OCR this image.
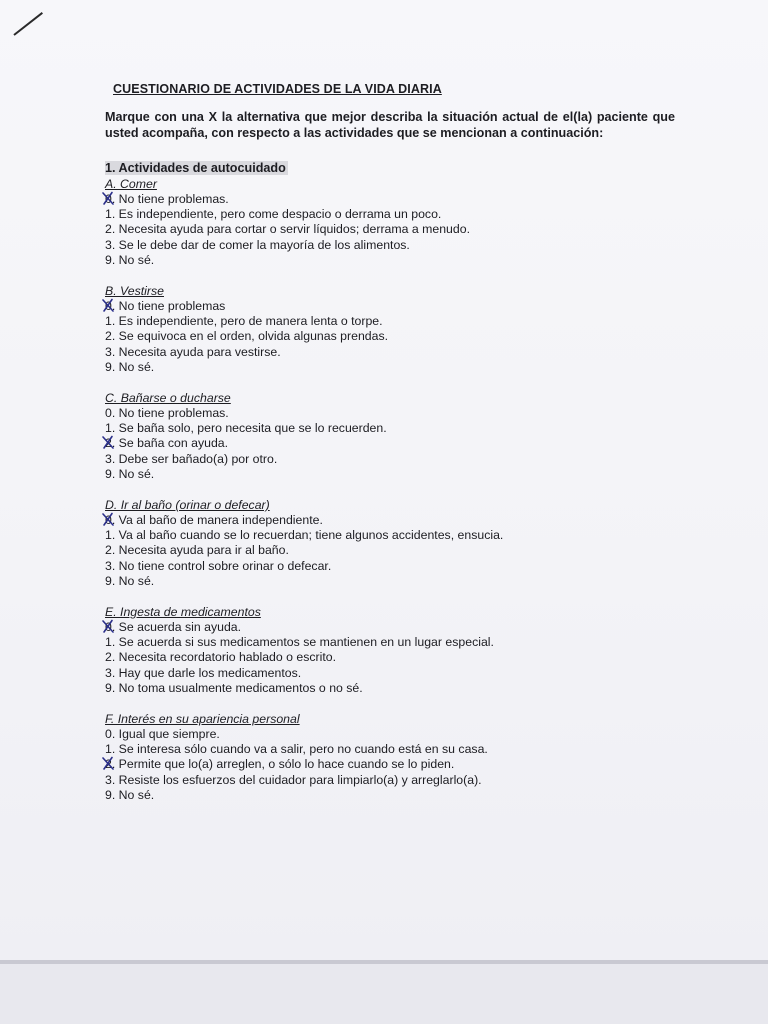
CUESTIONARIO DE ACTIVIDADES DE LA VIDA DIARIA
Marque con una X la alternativa que mejor describa la situación actual de el(la) paciente que usted acompaña, con respecto a las actividades que se mencionan a continuación:
1. Actividades de autocuidado
A. Comer
0. No tiene problemas.
1. Es independiente, pero come despacio o derrama un poco.
2. Necesita ayuda para cortar o servir líquidos; derrama a menudo.
3. Se le debe dar de comer la mayoría de los alimentos.
9. No sé.
B. Vestirse
0. No tiene problemas
1. Es independiente, pero de manera lenta o torpe.
2. Se equivoca en el orden, olvida algunas prendas.
3. Necesita ayuda para vestirse.
9. No sé.
C. Bañarse o ducharse
0. No tiene problemas.
1. Se baña solo, pero necesita que se lo recuerden.
2. Se baña con ayuda.
3. Debe ser bañado(a) por otro.
9. No sé.
D. Ir al baño (orinar o defecar)
0. Va al baño de manera independiente.
1. Va al baño cuando se lo recuerdan; tiene algunos accidentes, ensucia.
2. Necesita ayuda para ir al baño.
3. No tiene control sobre orinar o defecar.
9. No sé.
E. Ingesta de medicamentos
0. Se acuerda sin ayuda.
1. Se acuerda si sus medicamentos se mantienen en un lugar especial.
2. Necesita recordatorio hablado o escrito.
3. Hay que darle los medicamentos.
9. No toma usualmente medicamentos o no sé.
F. Interés en su apariencia personal
0. Igual que siempre.
1. Se interesa sólo cuando va a salir, pero no cuando está en su casa.
2. Permite que lo(a) arreglen, o sólo lo hace cuando se lo piden.
3. Resiste los esfuerzos del cuidador para limpiarlo(a) y arreglarlo(a).
9. No sé.
